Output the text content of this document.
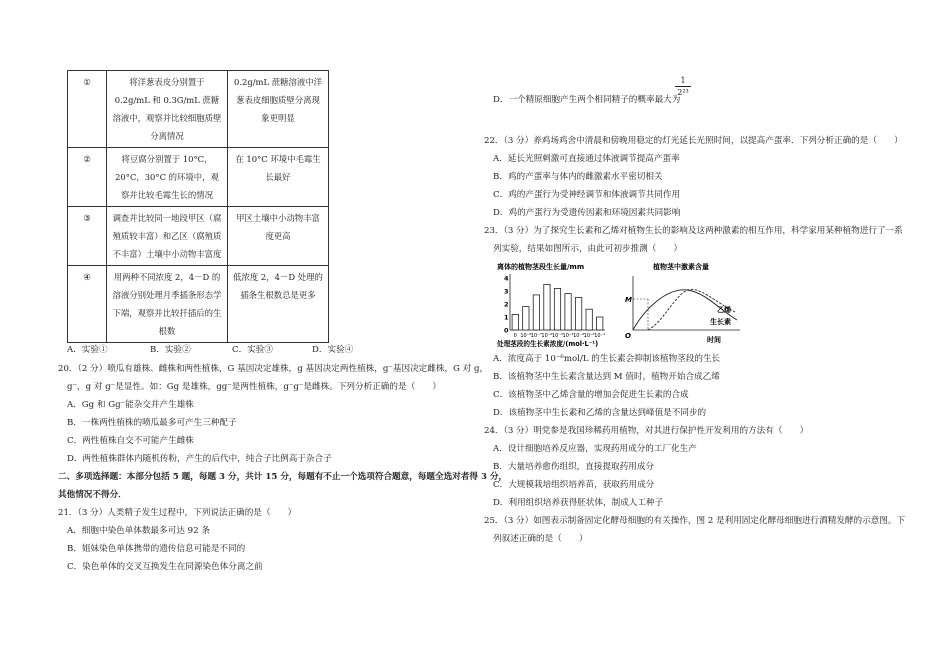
①	将洋葱表皮分别置于 0.2g/mL 和 0.3G/mL 蔗糖溶液中，观察并比较细胞质壁分离情况	0.2g/mL 蔗糖溶液中洋葱表皮细胞质壁分离现象更明显
②	将豆腐分别置于 10°C，20°C，30°C 的环境中，观察并比较毛霉生长的情况	在 10°C 环境中毛霉生长最好
③	调查并比较同一地段甲区（腐殖质较丰富）和乙区（腐殖质不丰富）土壤中小动物丰富度	甲区土壤中小动物丰富度更高
④	用两种不同浓度 2，4－D 的溶液分别处理月季插条形态学下端，观察并比较扦插后的生根数	低浓度 2，4－D 处理的插条生根数总是更多
A．实验①	B．实验②	C．实验③	D．实验④
20．（2 分）喷瓜有雄株、雌株和两性植株，G 基因决定雄株，g 基因决定两性植株，g⁻基因决定雌株，G 对 g，
g⁻，g 对 g⁻是显性。如：Gg 是雄株，gg⁻是两性植株，g⁻g⁻是雌株。下列分析正确的是（　　）
A．Gg 和 Gg⁻能杂交并产生雄株
B．一株两性植株的喷瓜最多可产生三种配子
C．两性植株自交不可能产生雌株
D．两性植株群体内随机传粉，产生的后代中，纯合子比例高于杂合子
二、多项选择题：本部分包括 5 题，每题 3 分，共计 15 分，每题有不止一个选项符合题意，每题全选对者得 3 分，
其他情况不得分．
21．（3 分）人类精子发生过程中，下列说法正确的是（　　）
A．细胞中染色单体数最多可达 92 条
B．姐妹染色单体携带的遗传信息可能是不同的
C．染色单体的交叉互换发生在同源染色体分离之前
D．一个精原细胞产生两个相同精子的概率最大为
1
2²³
22．（3 分）养鸡场鸡舍中清晨和傍晚用稳定的灯光延长光照时间，以提高产蛋率．下列分析正确的是（　　）
A．延长光照刺激可直接通过体液调节提高产蛋率
B．鸡的产蛋率与体内的雌激素水平密切相关
C．鸡的产蛋行为受神经调节和体液调节共同作用
D．鸡的产蛋行为受遗传因素和环境因素共同影响
23．（3 分）为了探究生长素和乙烯对植物生长的影响及这两种激素的相互作用，科学家用某种植物进行了一系
列实验，结果如图所示，由此可初步推测（　　）
离体的植物茎段生长量/mm
0
1
2
3
4
0 10⁻⁸ 10⁻⁷ 10⁻⁶ 10⁻⁵ 10⁻⁴ 10⁻³ 10⁻² 10⁻¹
处理茎段的生长素浓度/(mol·L⁻¹)
植物茎中激素含量
O
M
乙烯
生长素
时间
A．浓度高于 10⁻⁶mol/L 的生长素会抑制该植物茎段的生长
B．该植物茎中生长素含量达到 M 值时，植物开始合成乙烯
C．该植物茎中乙烯含量的增加会促进生长素的合成
D．该植物茎中生长素和乙烯的含量达到峰值是不同步的
24．（3 分）明党参是我国珍稀药用植物，对其进行保护性开发利用的方法有（　　）
A．设计细胞培养反应器，实现药用成分的工厂化生产
B．大量培养愈伤组织，直接提取药用成分
C．大规模栽培组织培养苗，获取药用成分
D．利用组织培养获得胚状体，制成人工种子
25．（3 分）如图表示制备固定化酵母细胞的有关操作，图 2 是利用固定化酵母细胞进行酒精发酵的示意图。下
列叙述正确的是（　　）
